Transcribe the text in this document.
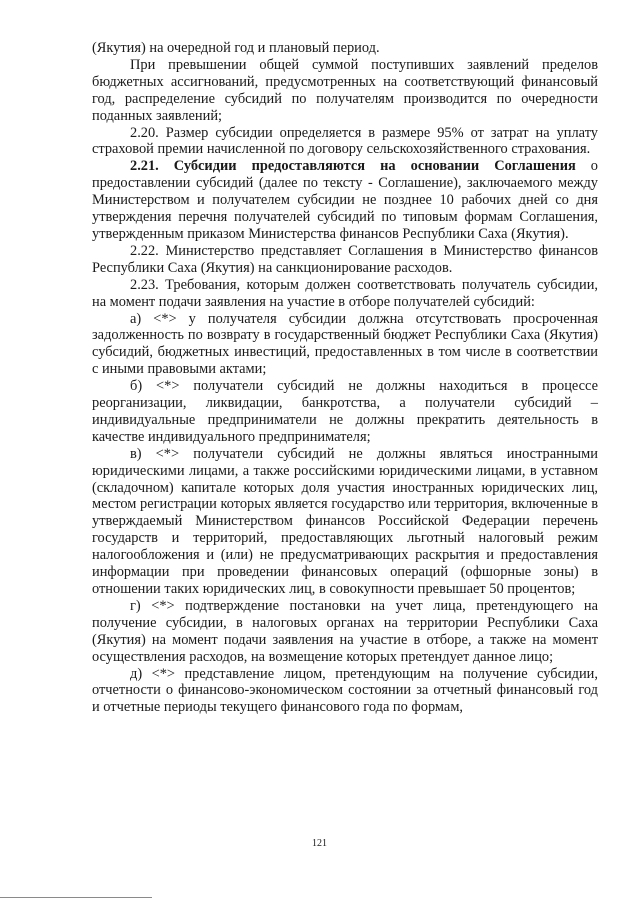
(Якутия) на очередной год и плановый период.

При превышении общей суммой поступивших заявлений пределов бюджетных ассигнований, предусмотренных на соответствующий финансовый год, распределение субсидий по получателям производится по очередности поданных заявлений;

2.20. Размер субсидии определяется в размере 95% от затрат на уплату страховой премии начисленной по договору сельскохозяйственного страхования.

2.21. Субсидии предоставляются на основании Соглашения о предоставлении субсидий (далее по тексту - Соглашение), заключаемого между Министерством и получателем субсидии не позднее 10 рабочих дней со дня утверждения перечня получателей субсидий по типовым формам Соглашения, утвержденным приказом Министерства финансов Республики Саха (Якутия).

2.22. Министерство представляет Соглашения в Министерство финансов Республики Саха (Якутия) на санкционирование расходов.

2.23. Требования, которым должен соответствовать получатель субсидии, на момент подачи заявления на участие в отборе получателей субсидий:

а) <*> у получателя субсидии должна отсутствовать просроченная задолженность по возврату в государственный бюджет Республики Саха (Якутия) субсидий, бюджетных инвестиций, предоставленных в том числе в соответствии с иными правовыми актами;

б) <*> получатели субсидий не должны находиться в процессе реорганизации, ликвидации, банкротства, а получатели субсидий – индивидуальные предприниматели не должны прекратить деятельность в качестве индивидуального предпринимателя;

в) <*> получатели субсидий не должны являться иностранными юридическими лицами, а также российскими юридическими лицами, в уставном (складочном) капитале которых доля участия иностранных юридических лиц, местом регистрации которых является государство или территория, включенные в утверждаемый Министерством финансов Российской Федерации перечень государств и территорий, предоставляющих льготный налоговый режим налогообложения и (или) не предусматривающих раскрытия и предоставления информации при проведении финансовых операций (офшорные зоны) в отношении таких юридических лиц, в совокупности превышает 50 процентов;

г) <*> подтверждение постановки на учет лица, претендующего на получение субсидии, в налоговых органах на территории Республики Саха (Якутия) на момент подачи заявления на участие в отборе, а также на момент осуществления расходов, на возмещение которых претендует данное лицо;

д) <*> представление лицом, претендующим на получение субсидии, отчетности о финансово-экономическом состоянии за отчетный финансовый год и отчетные периоды текущего финансового года по формам,

121
